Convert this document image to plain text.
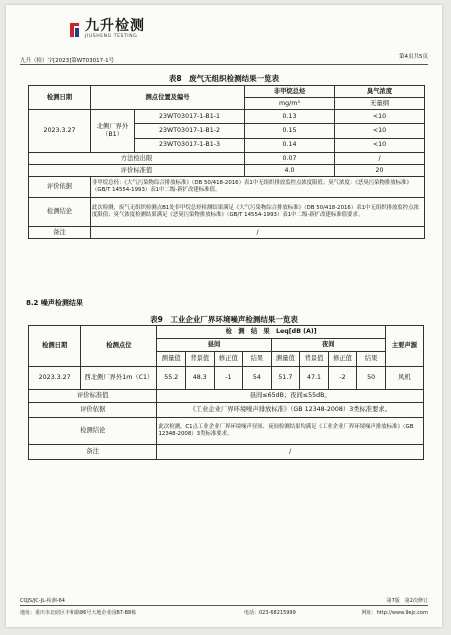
九升检测
JIUSHENG TESTING
九升（检）字[2023]第WT03017-1号
第4页共5页
表8　废气无组织检测结果一览表
检测日期	测点位置及编号		非甲烷总烃	臭气浓度
			mg/m³	无量纲
2023.3.27	北侧厂界外（B1）	23WT03017-1-B1-1	0.13	<10
		23WT03017-1-B1-2	0.15	<10
		23WT03017-1-B1-3	0.14	<10
方法检出限			0.07	/
评价标准值			4.0	20
评价依据	非甲烷总烃：《大气污染物综合排放标准》（DB 50/418-2016）表1中无组织排放监控点浓度限值；臭气浓度：《恶臭污染物排放标准》（GB/T 14554-1993）表1中二级-新扩改建标准值。			
检测结论	此次检测，废气无组织检测点B1处非甲烷总烃检测结果满足《大气污染物综合排放标准》（DB 50/418-2016）表1中无组织排放监控点浓度限值；臭气浓度检测结果满足《恶臭污染物排放标准》（GB/T 14554-1993）表1中二级-新扩改建标准值要求。			
备注	/			
8.2 噪声检测结果
表9　工业企业厂界环境噪声检测结果一览表
检测日期	检测点位	检　测　结　果　Leq[dB (A)]								主要声源
		昼间				夜间				
		测量值	背景值	修正值	结果	测量值	背景值	修正值	结果	
2023.3.27	西北侧厂界外1m（C1）	55.2	48.3	-1	54	51.7	47.1	-2	50	风机
评价标准值		昼间≤65dB；夜间≤55dB。								
评价依据		《工业企业厂界环境噪声排放标准》（GB 12348-2008）3类标准要求。								
检测结论		此次检测，C1点工业企业厂界环境噪声昼间、夜间检测结果均满足《工业企业厂界环境噪声排放标准》（GB 12348-2008）3类标准要求。								
备注		/								
CQJS/JC-JL-检测-64	第7版　第2次修订
地址：重庆市北碚区丰和路86号大地企业园B7-B8栋	电话：023-68215999	网址：http://www.9ejc.com
